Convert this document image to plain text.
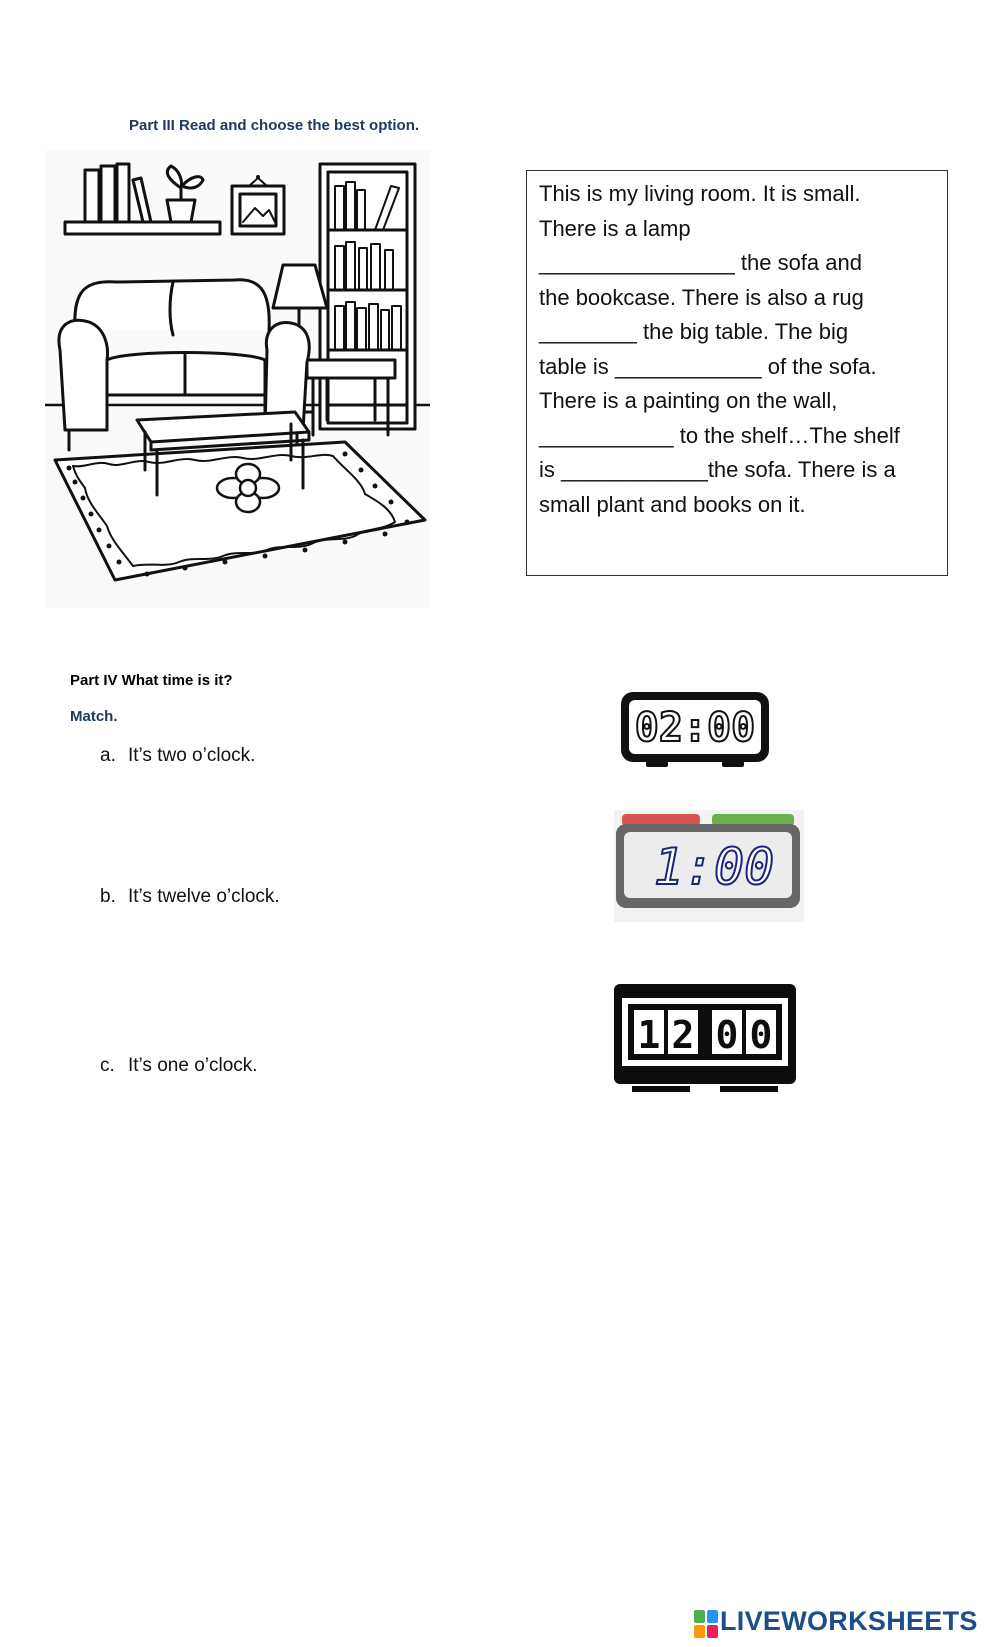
Part III Read and choose the best option.

This is my living room. It is small.

There is a lamp

________________ the sofa and

the bookcase. There is also a rug

________ the big table. The big

table is ____________ of the sofa.

There is a painting on the wall,

___________ to the shelf…The shelf

is ____________the sofa. There is a

small plant and books on it.

Part IV What time is it?
Match.
a. It’s two o’clock.
b. It’s twelve o’clock.
c. It’s one o’clock.
02:00
1:00
1 2 0 0
LIVEWORKSHEETS
